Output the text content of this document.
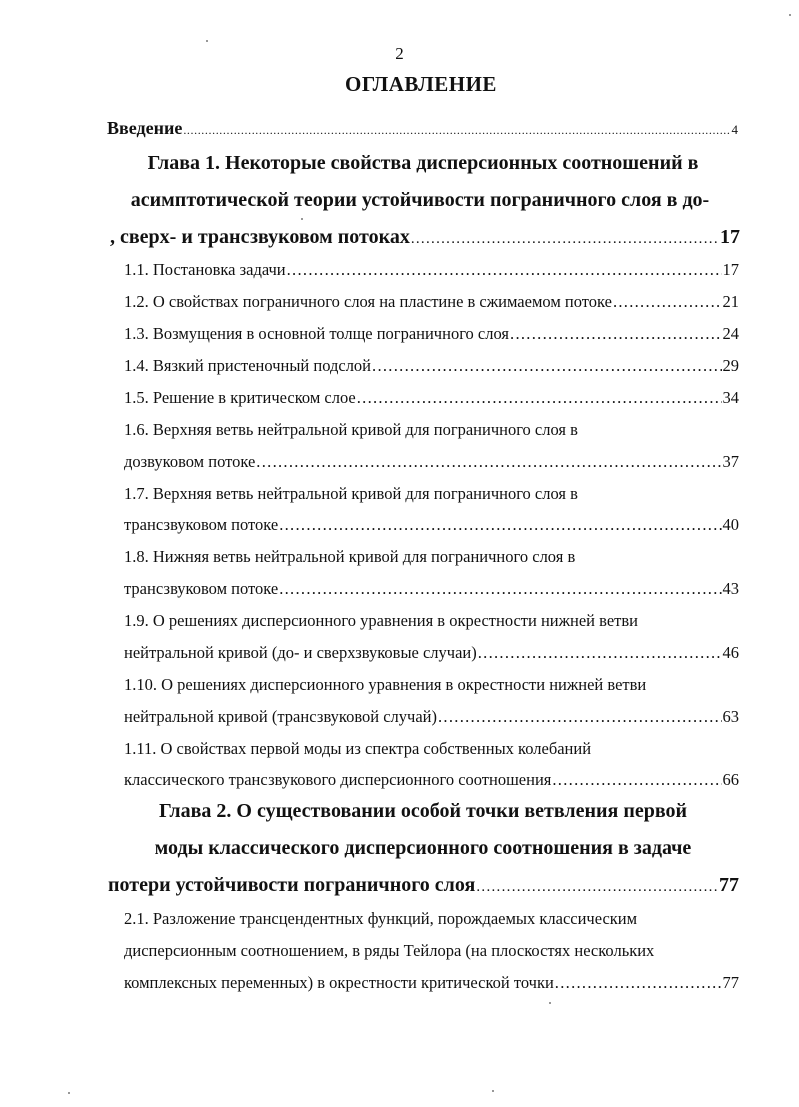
2
ОГЛАВЛЕНИЕ
Введение .....	4
Глава 1. Некоторые свойства дисперсионных соотношений в
асимптотической теории устойчивости пограничного слоя в до-
, сверх- и трансзвуковом потоках .....	17
1.1. Постановка задачи .....	17
1.2. О свойствах пограничного слоя на пластине в сжимаемом потоке .....	21
1.3. Возмущения в основной толще пограничного слоя .....	24
1.4. Вязкий пристеночный подслой .....	29
1.5. Решение в критическом слое .....	34
1.6. Верхняя ветвь нейтральной кривой для пограничного слоя в
дозвуковом потоке .....	37
1.7. Верхняя ветвь нейтральной кривой для пограничного слоя в
трансзвуковом потоке .....	40
1.8. Нижняя ветвь нейтральной кривой для пограничного слоя в
трансзвуковом потоке .....	43
1.9. О решениях дисперсионного уравнения в окрестности нижней ветви
нейтральной кривой (до- и сверхзвуковые случаи) .....	46
1.10. О решениях дисперсионного уравнения в окрестности нижней ветви
нейтральной кривой (трансзвуковой случай) .....	63
1.11. О свойствах первой моды из спектра собственных колебаний
классического трансзвукового дисперсионного соотношения .....	66
Глава 2. О существовании особой точки ветвления первой
моды классического дисперсионного соотношения в задаче
потери устойчивости пограничного слоя .....	77
2.1. Разложение трансцендентных функций, порождаемых классическим
дисперсионным соотношением, в ряды Тейлора (на плоскостях нескольких
комплексных переменных) в окрестности критической точки .....	77
